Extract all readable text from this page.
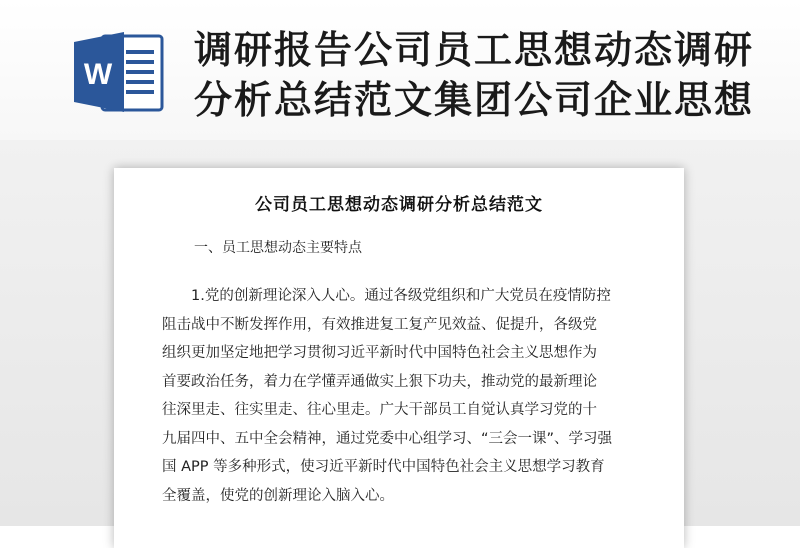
W
调研报告公司员工思想动态调研
分析总结范文集团公司企业思想
公司员工思想动态调研分析总结范文
一、员工思想动态主要特点
1.党的创新理论深入人心。通过各级党组织和广大党员在疫情防控
阻击战中不断发挥作用，有效推进复工复产见效益、促提升，各级党
组织更加坚定地把学习贯彻习近平新时代中国特色社会主义思想作为
首要政治任务，着力在学懂弄通做实上狠下功夫，推动党的最新理论
往深里走、往实里走、往心里走。广大干部员工自觉认真学习党的十
九届四中、五中全会精神，通过党委中心组学习、“三会一课”、学习强
国 APP 等多种形式，使习近平新时代中国特色社会主义思想学习教育
全覆盖，使党的创新理论入脑入心。
